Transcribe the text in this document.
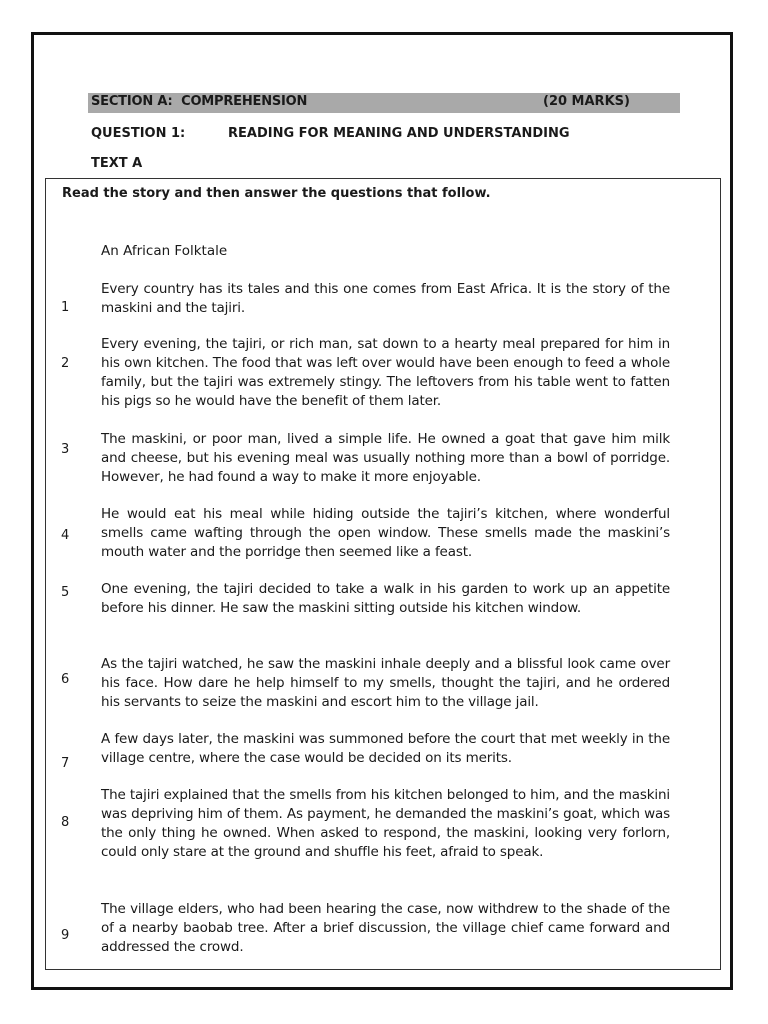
SECTION A:  COMPREHENSION	(20 MARKS)
QUESTION 1:	READING FOR MEANING AND UNDERSTANDING
TEXT A
Read the story and then answer the questions that follow.
An African Folktale
Every country has its tales and this one comes from East Africa. It is the story of the maskini and the tajiri.
1
Every evening, the tajiri, or rich man, sat down to a hearty meal prepared for him in his own kitchen. The food that was left over would have been enough to feed a whole family, but the tajiri was extremely stingy. The leftovers from his table went to fatten his pigs so he would have the benefit of them later.
2
The maskini, or poor man, lived a simple life. He owned a goat that gave him milk and cheese, but his evening meal was usually nothing more than a bowl of porridge. However, he had found a way to make it more enjoyable.
3
He would eat his meal while hiding outside the tajiri’s kitchen, where wonderful smells came wafting through the open window. These smells made the maskini’s mouth water and the porridge then seemed like a feast.
4
One evening, the tajiri decided to take a walk in his garden to work up an appetite before his dinner. He saw the maskini sitting outside his kitchen window.
5
As the tajiri watched, he saw the maskini inhale deeply and a blissful look came over his face. How dare he help himself to my smells, thought the tajiri, and he ordered his servants to seize the maskini and escort him to the village jail.
6
A few days later, the maskini was summoned before the court that met weekly in the village centre, where the case would be decided on its merits.
7
The tajiri explained that the smells from his kitchen belonged to him, and the maskini was depriving him of them. As payment, he demanded the maskini’s goat, which was the only thing he owned. When asked to respond, the maskini, looking very forlorn, could only stare at the ground and shuffle his feet, afraid to speak.
8
The village elders, who had been hearing the case, now withdrew to the shade of the of a nearby baobab tree. After a brief discussion, the village chief came forward and addressed the crowd.
9
